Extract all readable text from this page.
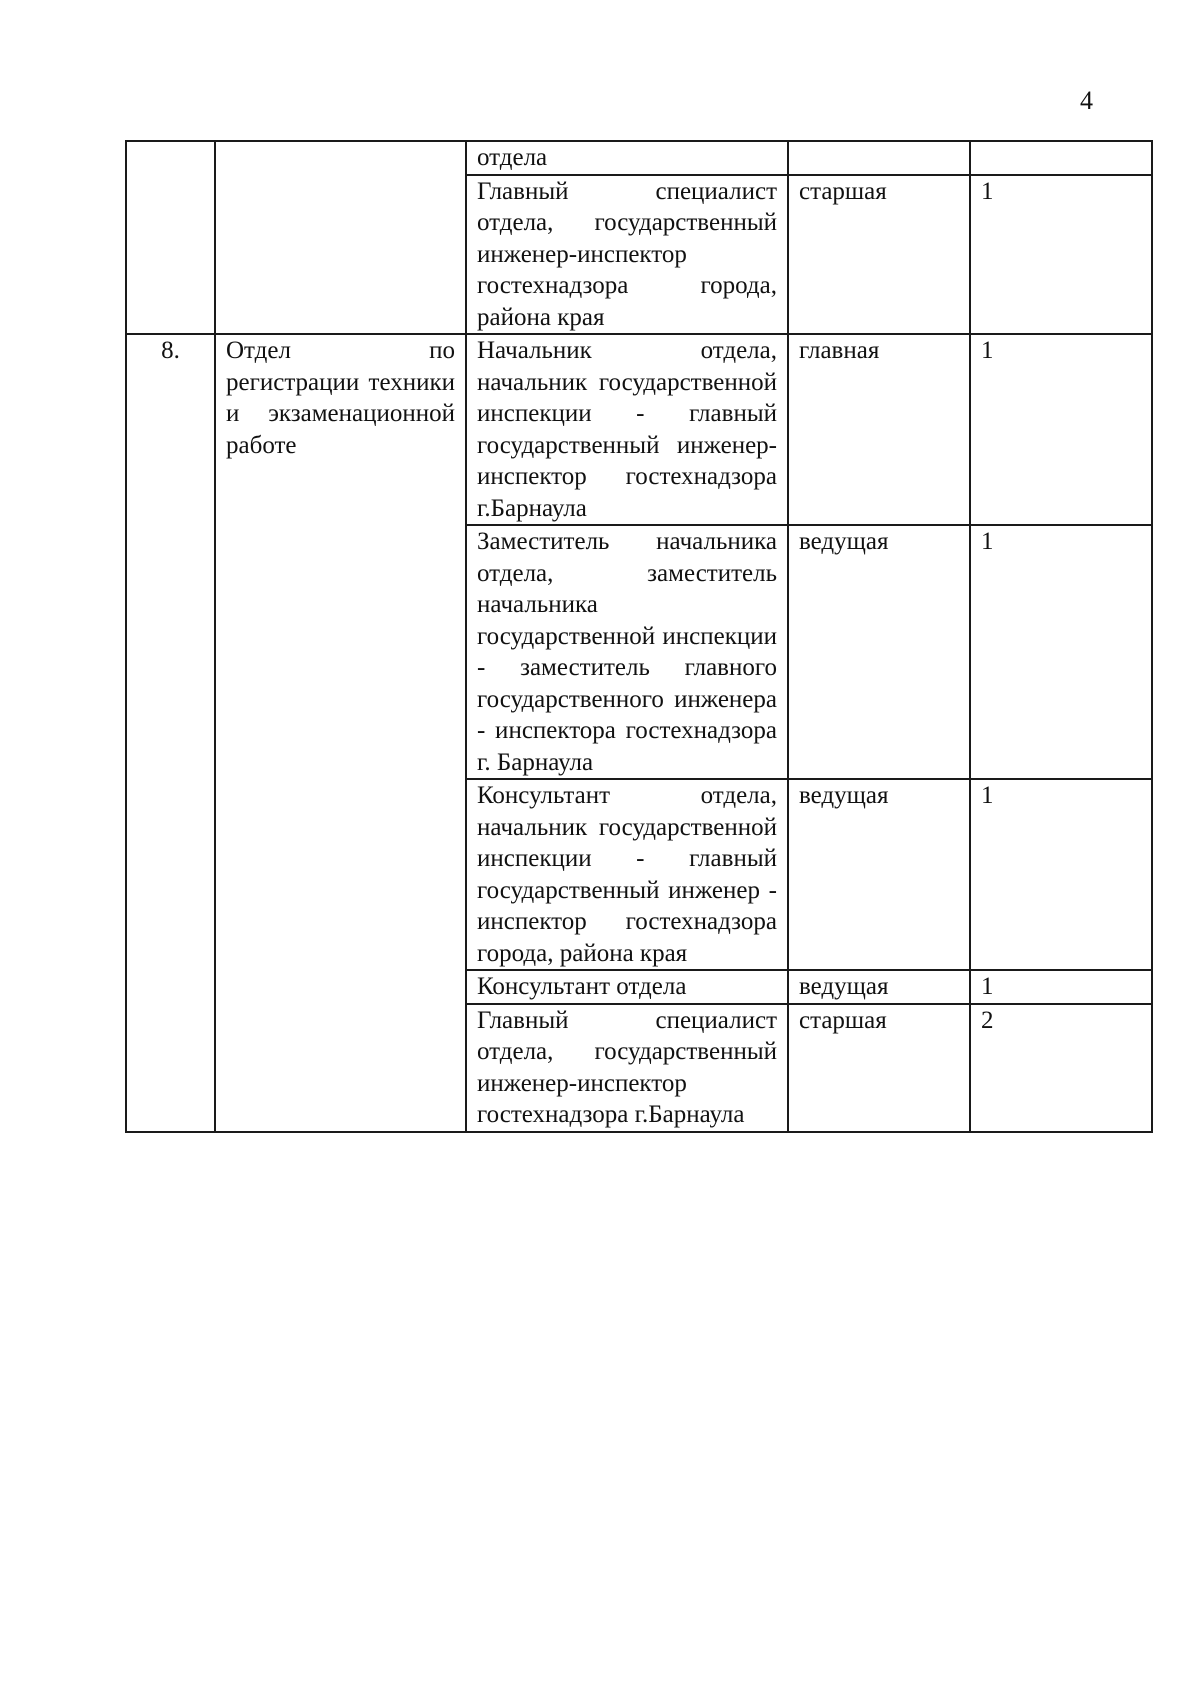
4

		отдела		

		Главный специалист отдела, государственный инженер-инспектор гостехнадзора города, района края	старшая	1

8.	Отдел по регистрации техники и экзаменационной работе	Начальник отдела, начальник государственной инспекции - главный государственный инженер-инспектор гостехнадзора г.Барнаула	главная	1

		Заместитель начальника отдела, заместитель начальника государственной инспекции - заместитель главного государственного инженера - инспектора гостехнадзора г. Барнаула	ведущая	1

		Консультант отдела, начальник государственной инспекции - главный государственный инженер - инспектор гостехнадзора города, района края	ведущая	1

		Консультант отдела	ведущая	1

		Главный специалист отдела, государственный инженер-инспектор гостехнадзора г.Барнаула	старшая	2
